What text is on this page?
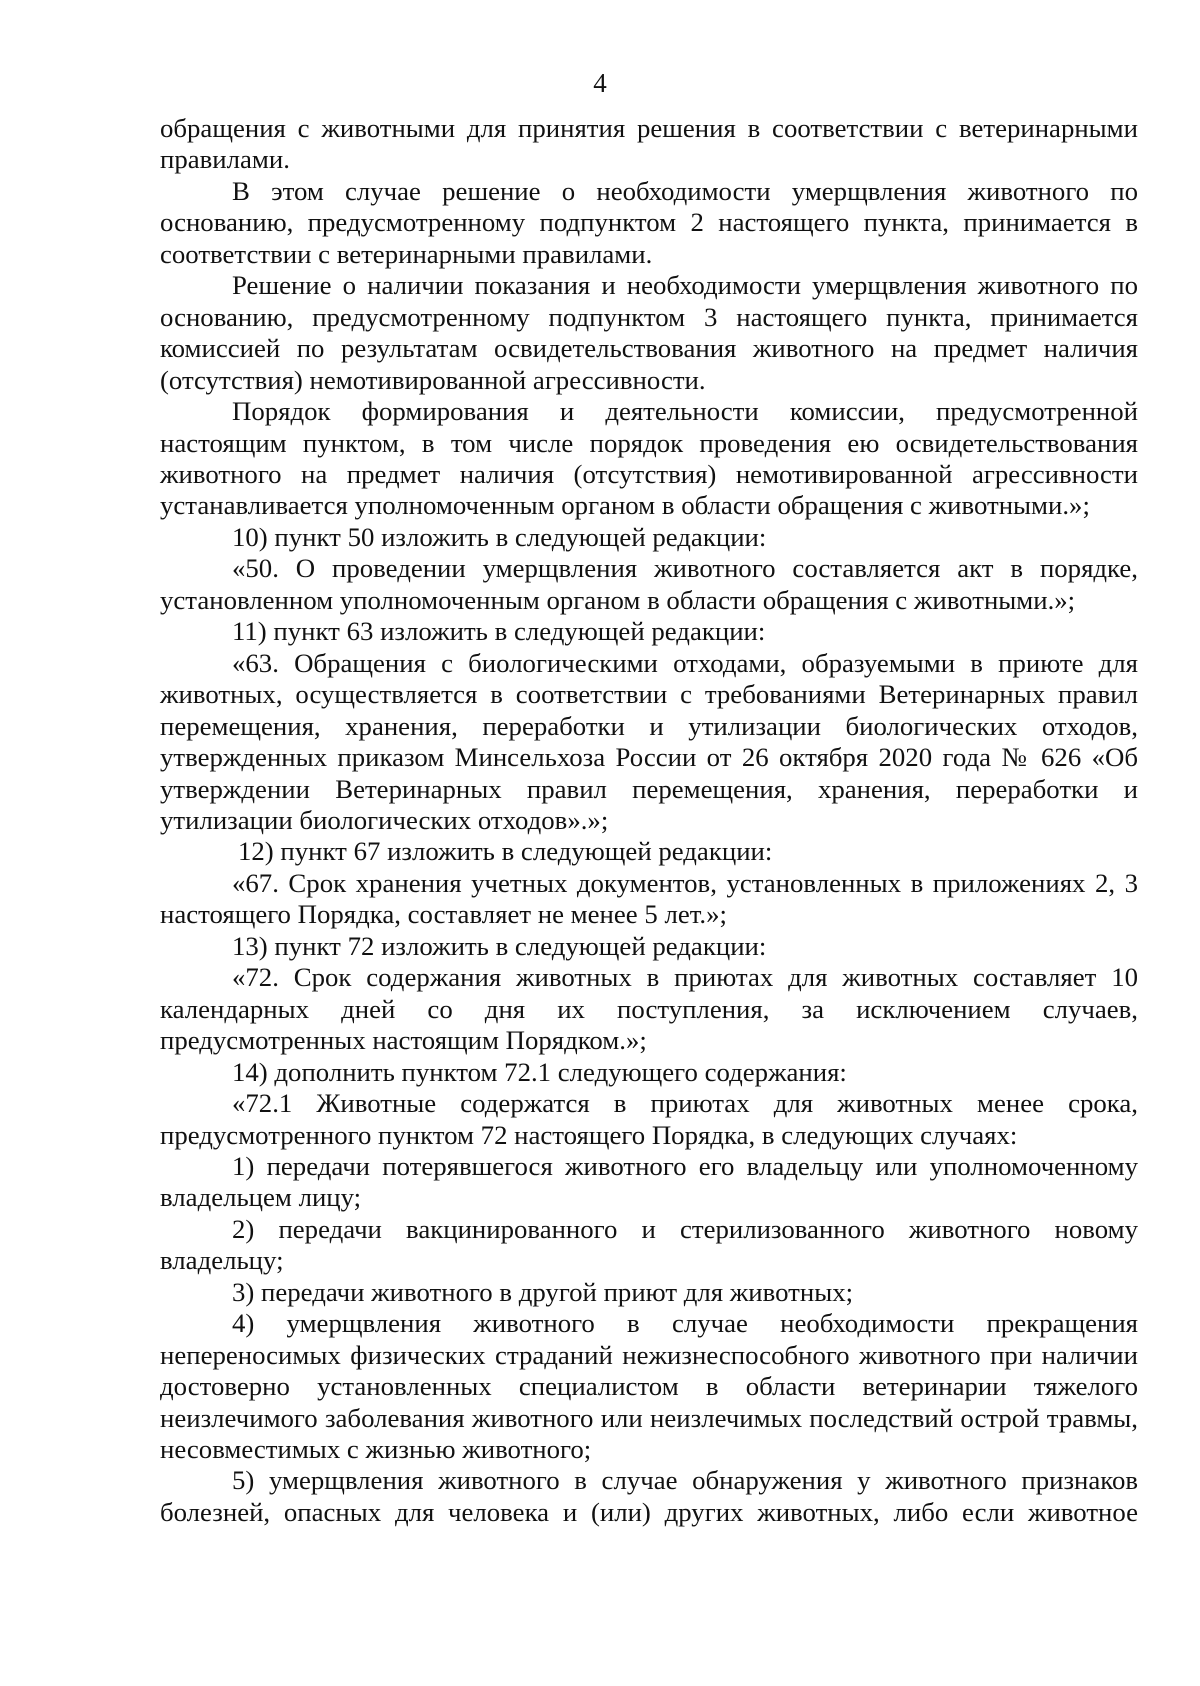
4

обращения с животными для принятия решения в соответствии с ветеринарными правилами.

В этом случае решение о необходимости умерщвления животного по основанию, предусмотренному подпунктом 2 настоящего пункта, принимается в соответствии с ветеринарными правилами.

Решение о наличии показания и необходимости умерщвления животного по основанию, предусмотренному подпунктом 3 настоящего пункта, принимается комиссией по результатам освидетельствования животного на предмет наличия (отсутствия) немотивированной агрессивности.

Порядок формирования и деятельности комиссии, предусмотренной настоящим пунктом, в том числе порядок проведения ею освидетельствования животного на предмет наличия (отсутствия) немотивированной агрессивности устанавливается уполномоченным органом в области обращения с животными.»;

10) пункт 50 изложить в следующей редакции:

«50. О проведении умерщвления животного составляется акт в порядке, установленном уполномоченным органом в области обращения с животными.»;

11) пункт 63 изложить в следующей редакции:

«63. Обращения с биологическими отходами, образуемыми в приюте для животных, осуществляется в соответствии с требованиями Ветеринарных правил перемещения, хранения, переработки и утилизации биологических отходов, утвержденных приказом Минсельхоза России от 26 октября 2020 года № 626 «Об утверждении Ветеринарных правил перемещения, хранения, переработки и утилизации биологических отходов».»;

12) пункт 67 изложить в следующей редакции:

«67. Срок хранения учетных документов, установленных в приложениях 2, 3 настоящего Порядка, составляет не менее 5 лет.»;

13) пункт 72 изложить в следующей редакции:

«72. Срок содержания животных в приютах для животных составляет 10 календарных дней со дня их поступления, за исключением случаев, предусмотренных настоящим Порядком.»;

14) дополнить пунктом 72.1 следующего содержания:

«72.1 Животные содержатся в приютах для животных менее срока, предусмотренного пунктом 72 настоящего Порядка, в следующих случаях:

1) передачи потерявшегося животного его владельцу или уполномоченному владельцем лицу;

2) передачи вакцинированного и стерилизованного животного новому владельцу;

3) передачи животного в другой приют для животных;

4) умерщвления животного в случае необходимости прекращения непереносимых физических страданий нежизнеспособного животного при наличии достоверно установленных специалистом в области ветеринарии тяжелого неизлечимого заболевания животного или неизлечимых последствий острой травмы, несовместимых с жизнью животного;

5) умерщвления животного в случае обнаружения у животного признаков болезней, опасных для человека и (или) других животных, либо если животное
